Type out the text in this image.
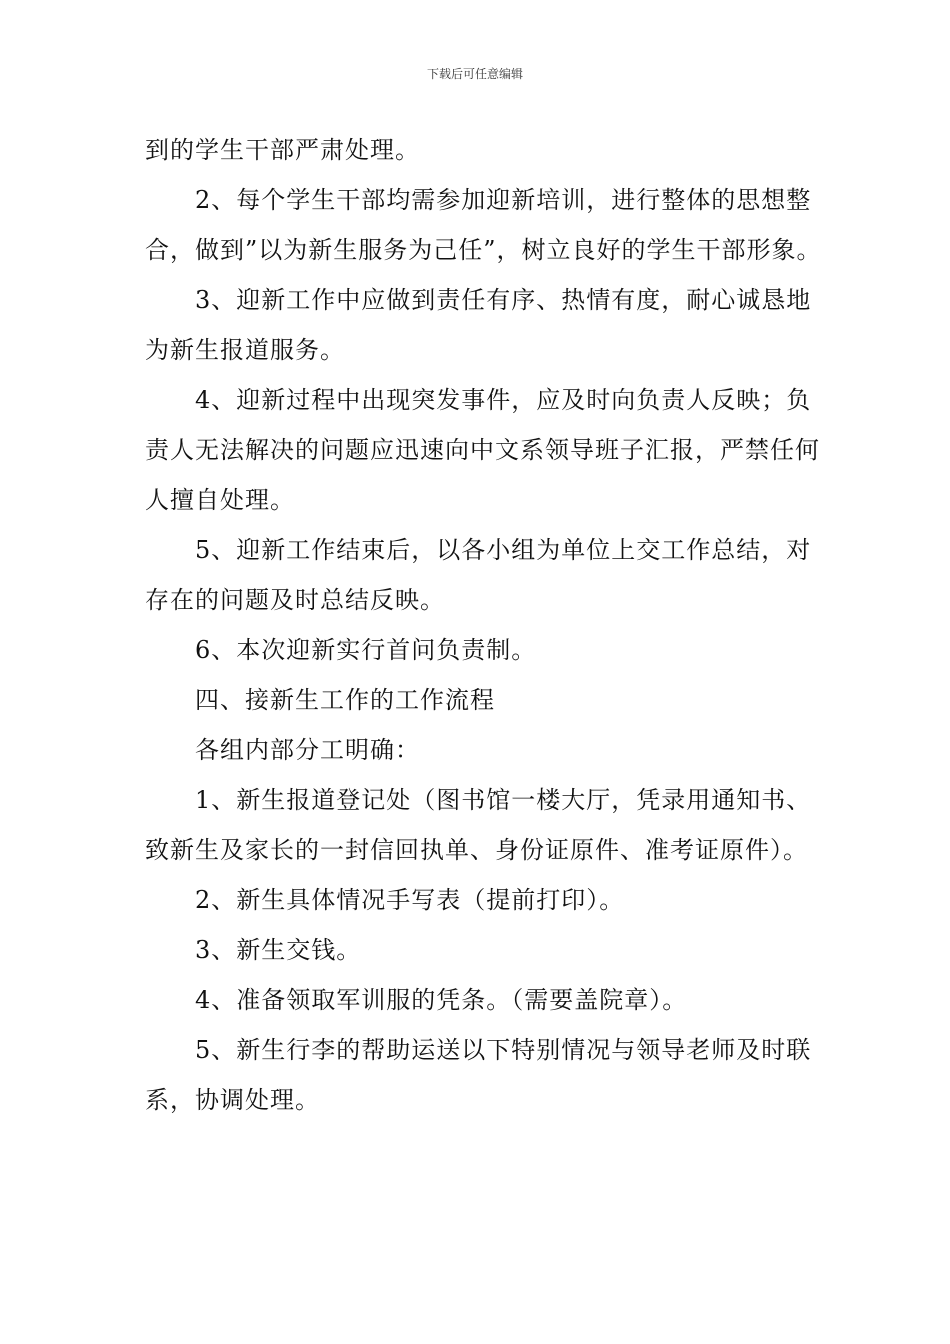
下载后可任意编辑

到的学生干部严肃处理。

2、每个学生干部均需参加迎新培训，进行整体的思想整合，做到”以为新生服务为己任”，树立良好的学生干部形象。

3、迎新工作中应做到责任有序、热情有度，耐心诚恳地为新生报道服务。

4、迎新过程中出现突发事件，应及时向负责人反映；负责人无法解决的问题应迅速向中文系领导班子汇报，严禁任何人擅自处理。

5、迎新工作结束后，以各小组为单位上交工作总结，对存在的问题及时总结反映。

6、本次迎新实行首问负责制。

四、接新生工作的工作流程

各组内部分工明确：

1、新生报道登记处（图书馆一楼大厅，凭录用通知书、致新生及家长的一封信回执单、身份证原件、准考证原件）。

2、新生具体情况手写表（提前打印）。

3、新生交钱。

4、准备领取军训服的凭条。（需要盖院章）。

5、新生行李的帮助运送以下特别情况与领导老师及时联系，协调处理。
